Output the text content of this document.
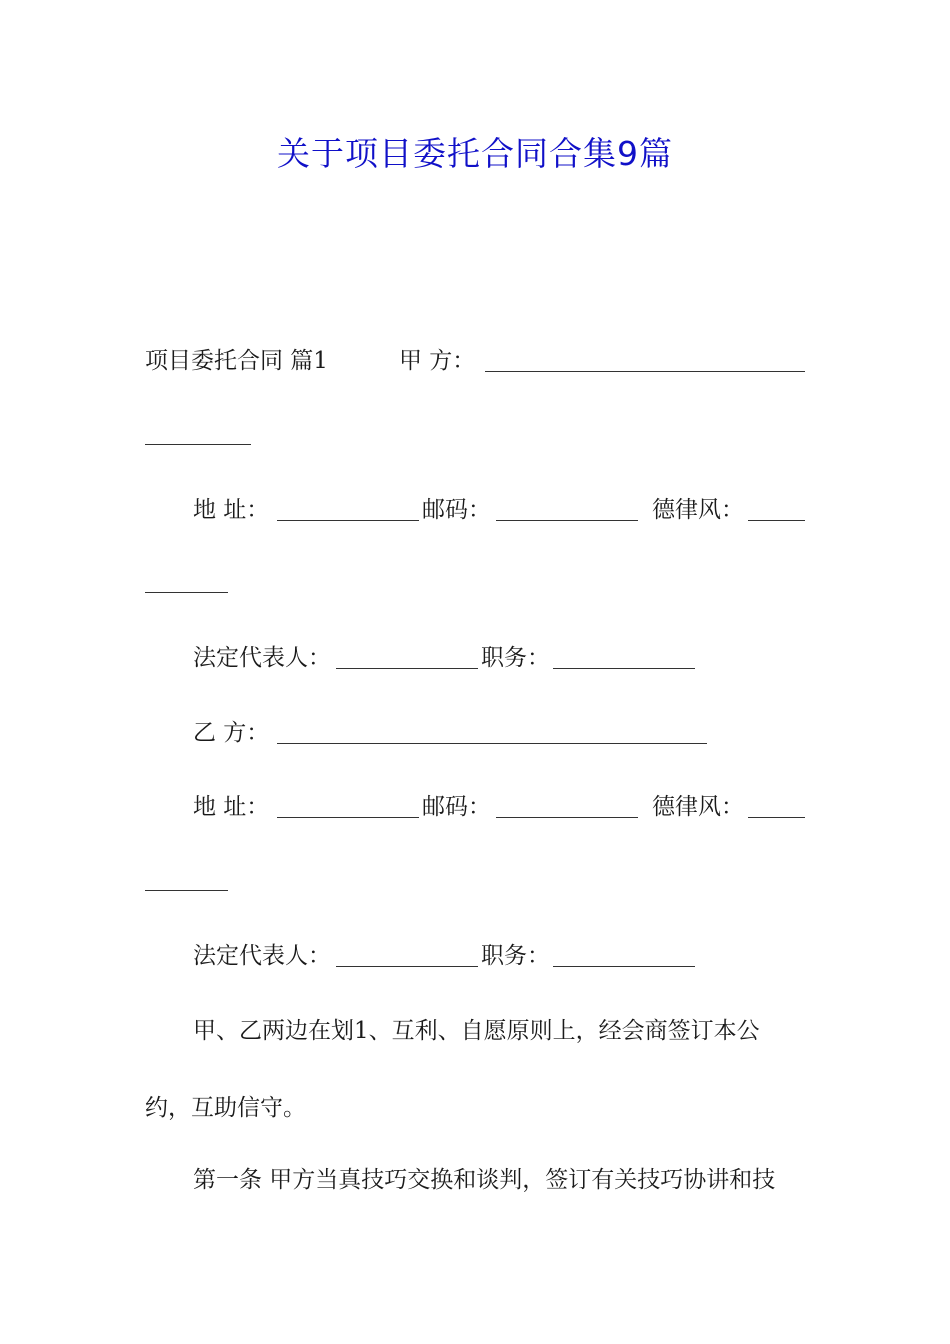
关于项目委托合同合集9篇
项目委托合同 篇1	甲 方：
地 址：	邮码：	德律风：
法定代表人：	职务：
乙 方：
地 址：	邮码：	德律风：
法定代表人：	职务：
甲、乙两边在划1、互利、自愿原则上，经会商签订本公
约，互助信守。
第一条 甲方当真技巧交换和谈判，签订有关技巧协讲和技
